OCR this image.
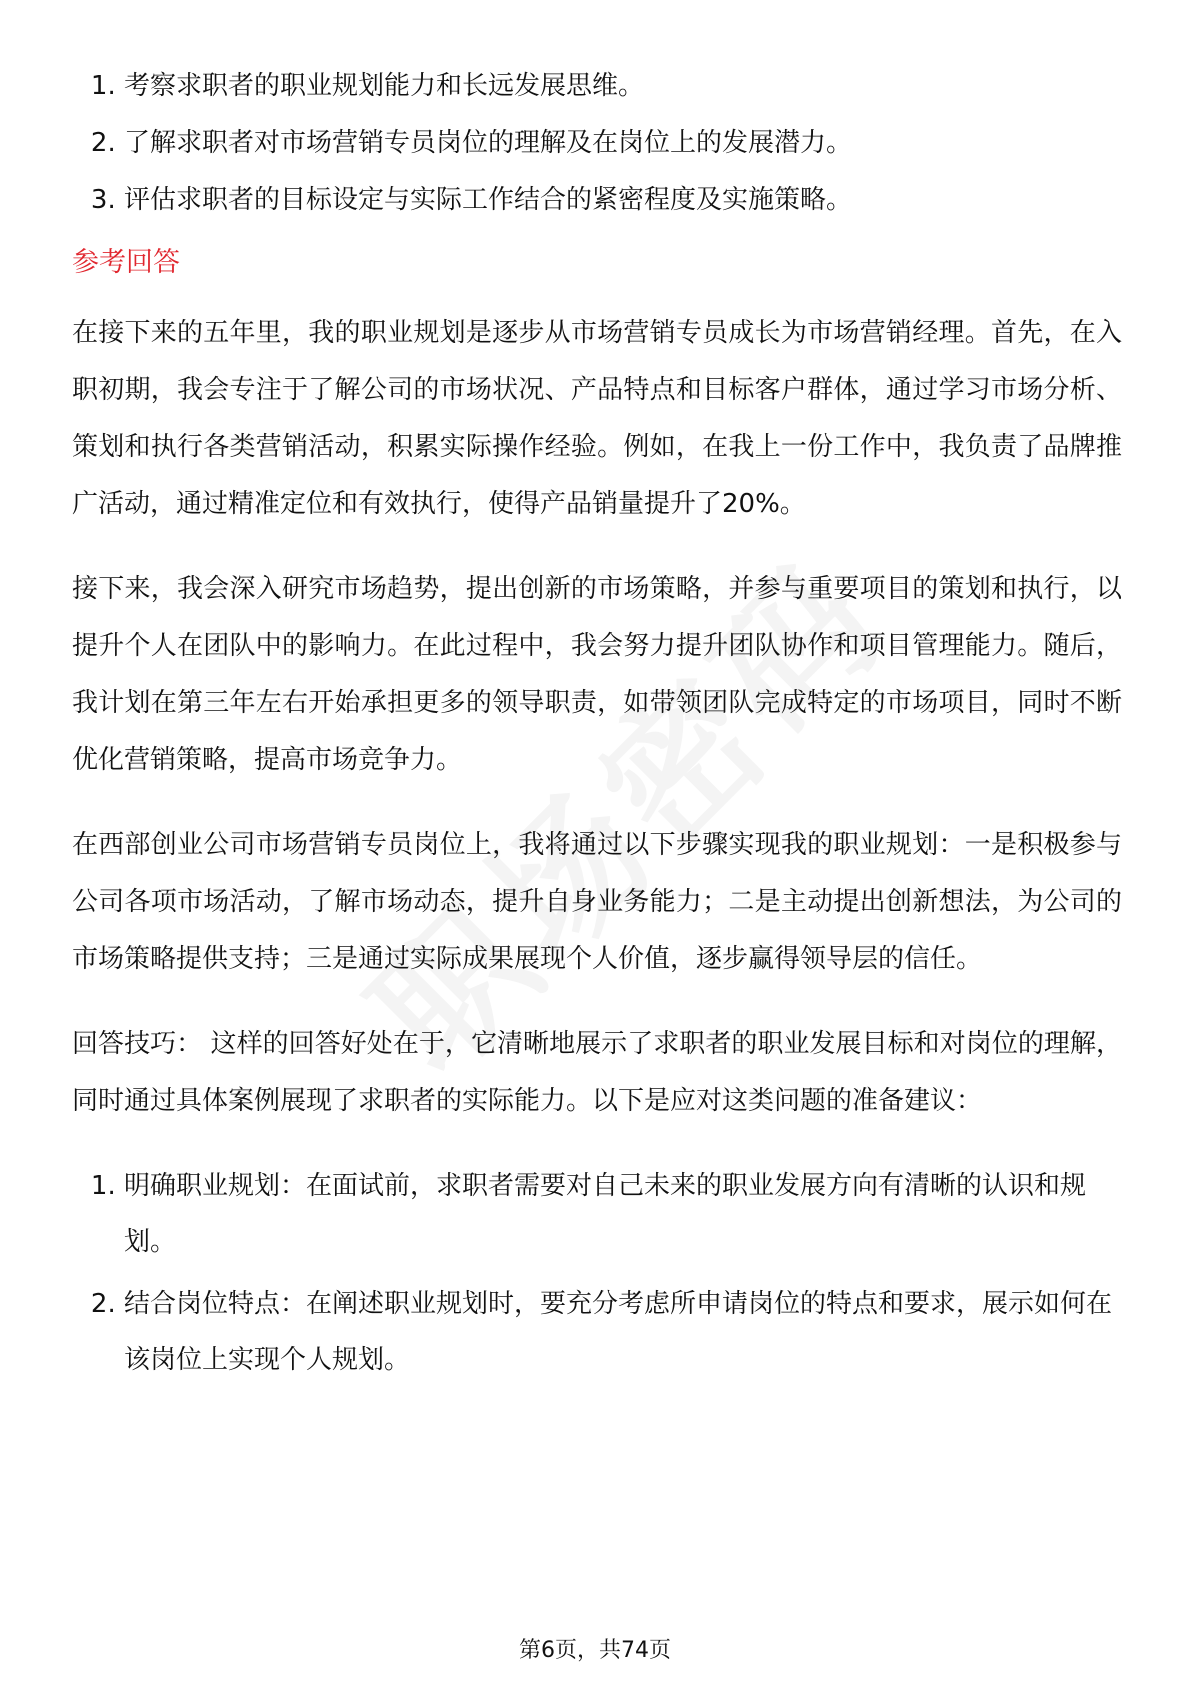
1. 考察求职者的职业规划能力和长远发展思维。
2. 了解求职者对市场营销专员岗位的理解及在岗位上的发展潜力。
3. 评估求职者的目标设定与实际工作结合的紧密程度及实施策略。
参考回答

在接下来的五年里，我的职业规划是逐步从市场营销专员成长为市场营销经理。首先，在入职初期，我会专注于了解公司的市场状况、产品特点和目标客户群体，通过学习市场分析、策划和执行各类营销活动，积累实际操作经验。例如，在我上一份工作中，我负责了品牌推广活动，通过精准定位和有效执行，使得产品销量提升了20%。

接下来，我会深入研究市场趋势，提出创新的市场策略，并参与重要项目的策划和执行，以提升个人在团队中的影响力。在此过程中，我会努力提升团队协作和项目管理能力。随后，我计划在第三年左右开始承担更多的领导职责，如带领团队完成特定的市场项目，同时不断优化营销策略，提高市场竞争力。

在西部创业公司市场营销专员岗位上，我将通过以下步骤实现我的职业规划：一是积极参与公司各项市场活动，了解市场动态，提升自身业务能力；二是主动提出创新想法，为公司的市场策略提供支持；三是通过实际成果展现个人价值，逐步赢得领导层的信任。

回答技巧： 这样的回答好处在于，它清晰地展示了求职者的职业发展目标和对岗位的理解，同时通过具体案例展现了求职者的实际能力。以下是应对这类问题的准备建议：

1. 明确职业规划：在面试前，求职者需要对自己未来的职业发展方向有清晰的认识和规划。
2. 结合岗位特点：在阐述职业规划时，要充分考虑所申请岗位的特点和要求，展示如何在该岗位上实现个人规划。
第6页，共74页
